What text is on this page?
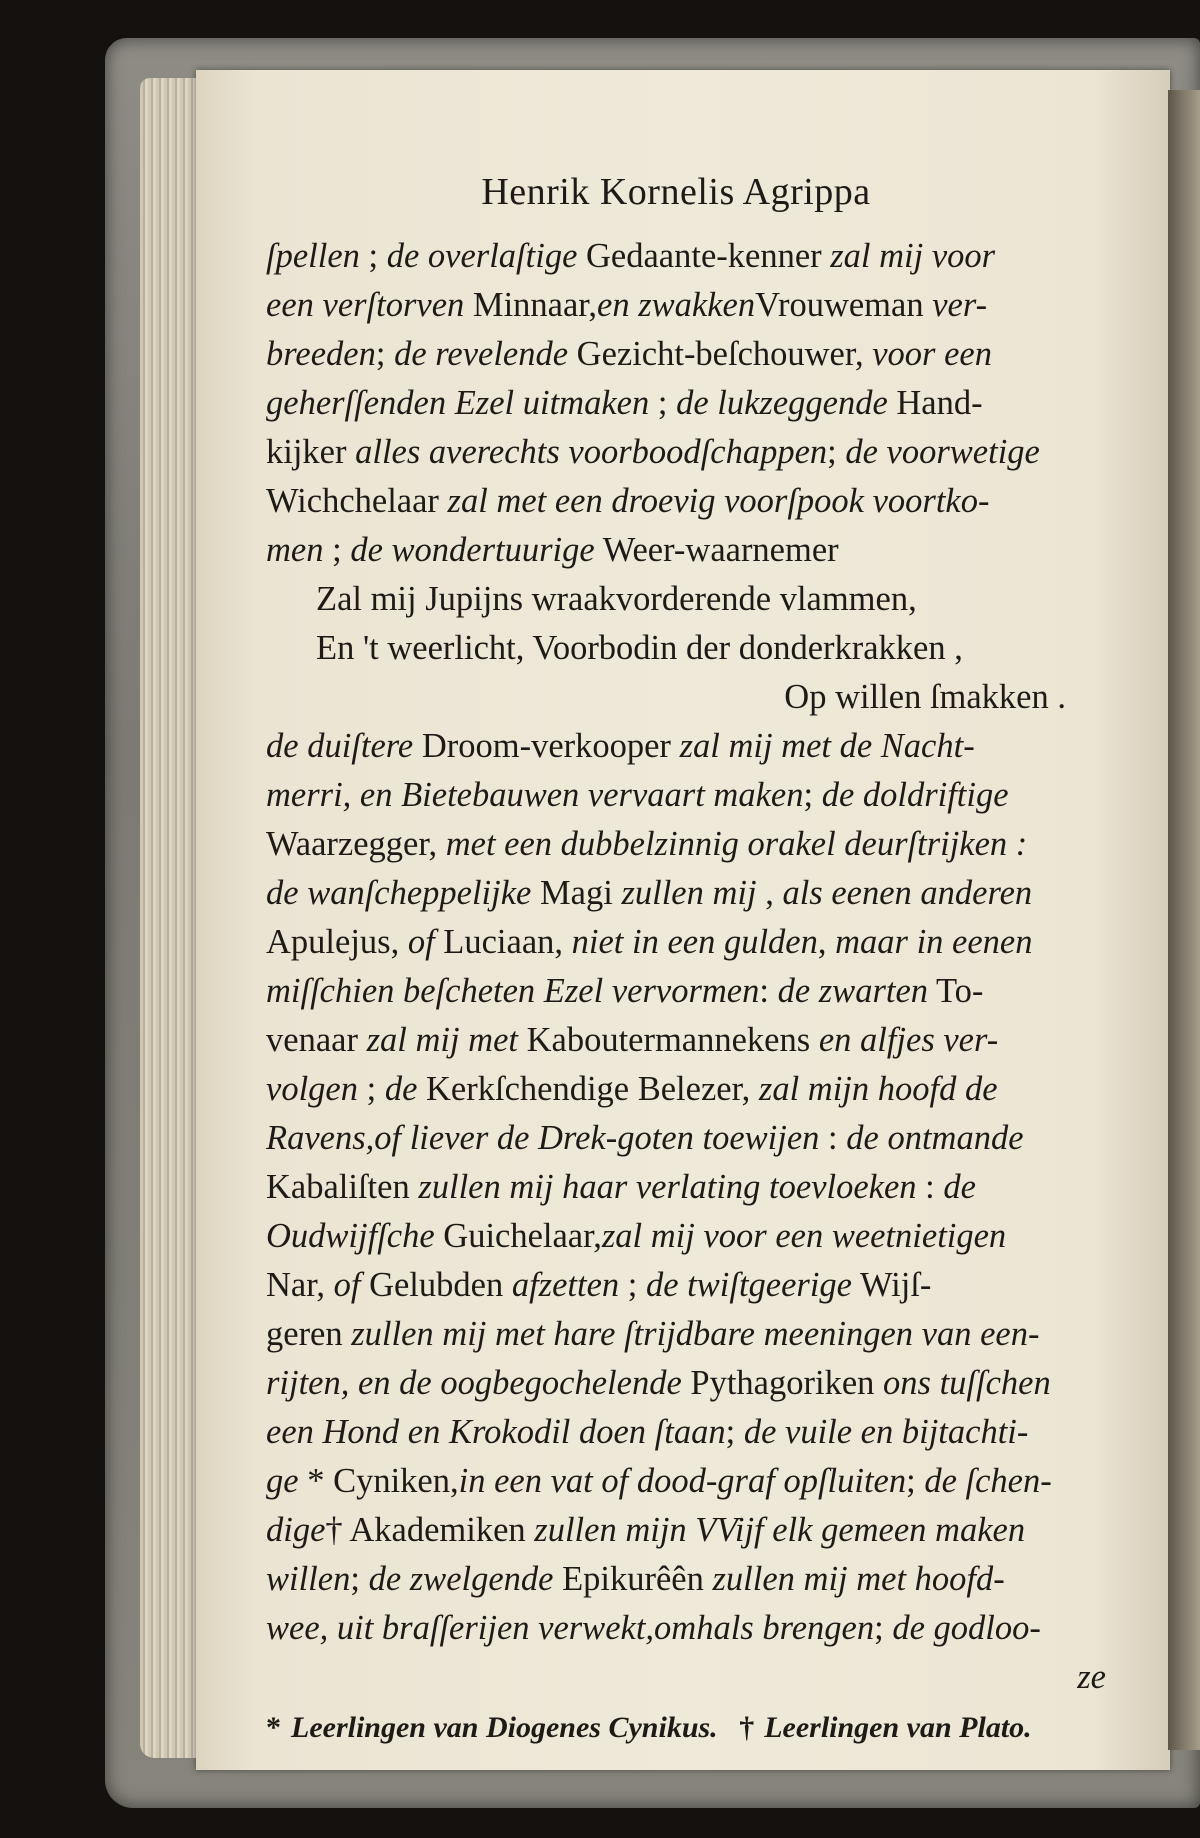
Henrik Kornelis Agrippa
ſpellen ; de overlaſtige Gedaante-kenner zal mij voor
een verſtorven Minnaar,en zwakkenVrouweman ver-
breeden; de revelende Gezicht-beſchouwer, voor een
geherſſenden Ezel uitmaken ; de lukzeggende Hand-
kijker alles averechts voorboodſchappen; de voorwetige
Wichchelaar zal met een droevig voorſpook voortko-
men ; de wondertuurige Weer-waarnemer
Zal mij Jupijns wraakvorderende vlammen,
En 't weerlicht, Voorbodin der donderkrakken ,
Op willen ſmakken .
de duiſtere Droom-verkooper zal mij met de Nacht-
merri, en Bietebauwen vervaart maken; de doldriftige
Waarzegger, met een dubbelzinnig orakel deurſtrijken :
de wanſcheppelijke Magi zullen mij , als eenen anderen
Apulejus, of Luciaan, niet in een gulden, maar in eenen
miſſchien beſcheten Ezel vervormen: de zwarten To-
venaar zal mij met Kaboutermannekens en alfjes ver-
volgen ; de Kerkſchendige Belezer, zal mijn hoofd de
Ravens,of liever de Drek-goten toewijen : de ontmande
Kabaliſten zullen mij haar verlating toevloeken : de
Oudwijfſche Guichelaar,zal mij voor een weetnietigen
Nar, of Gelubden afzetten ; de twiſtgeerige Wijſ-
geren zullen mij met hare ſtrijdbare meeningen van een-
rijten, en de oogbegochelende Pythagoriken ons tuſſchen
een Hond en Krokodil doen ſtaan; de vuile en bijtachti-
ge * Cyniken,in een vat of dood-graf opſluiten; de ſchen-
dige† Akademiken zullen mijn VVijf elk gemeen maken
willen; de zwelgende Epikurêên zullen mij met hoofd-
wee, uit braſſerijen verwekt,omhals brengen; de godloo-
ze
* Leerlingen van Diogenes Cynikus. † Leerlingen van Plato.
